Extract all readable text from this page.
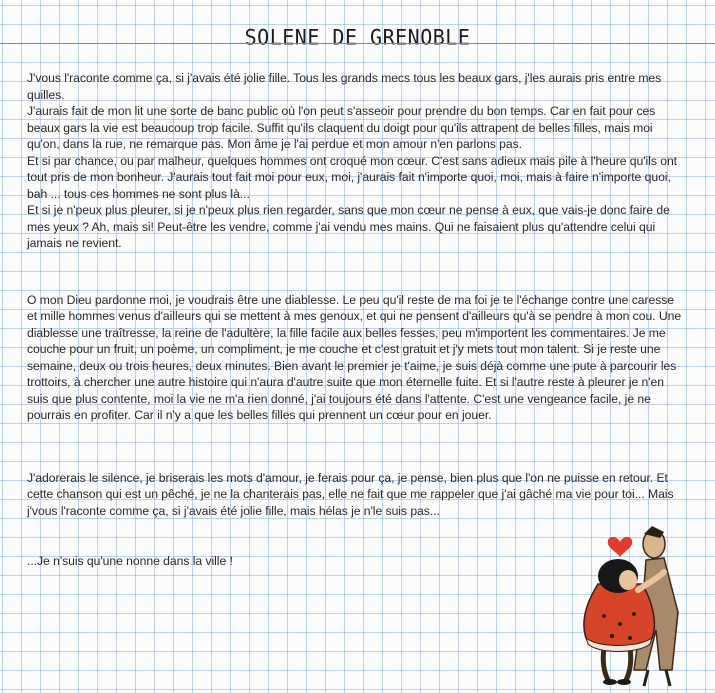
SOLENE DE GRENOBLE

J'vous l'raconte comme ça, si j'avais été jolie fille. Tous les grands mecs tous les beaux gars, j'les aurais pris entre mes quilles.

J'aurais fait de mon lit une sorte de banc public où l'on peut s'asseoir pour prendre du bon temps. Car en fait pour ces beaux gars la vie est beaucoup trop facile. Suffit qu'ils claquent du doigt pour qu'ils attrapent de belles filles, mais moi qu'on, dans la rue, ne remarque pas. Mon âme je l'ai perdue et mon amour n'en parlons pas.

Et si par chance, ou par malheur, quelques hommes ont croqué mon cœur. C'est sans adieux mais pile à l'heure qu'ils ont tout pris de mon bonheur. J'aurais tout fait moi pour eux, moi, j'aurais fait n'importe quoi, moi, mais à faire n'importe quoi, bah ... tous ces hommes ne sont plus là...

Et si je n'peux plus pleurer, si je n'peux plus rien regarder, sans que mon cœur ne pense à eux, que vais-je donc faire de mes yeux ? Ah, mais si! Peut-être les vendre, comme j'ai vendu mes mains. Qui ne faisaient plus qu'attendre celui qui jamais ne revient.

O mon Dieu pardonne moi, je voudrais être une diablesse. Le peu qu'il reste de ma foi je te l'échange contre une caresse et mille hommes venus d'ailleurs qui se mettent à mes genoux, et qui ne pensent d'ailleurs qu'à se pendre à mon cou. Une diablesse une traîtresse, la reine de l'adultère, la fille facile aux belles fesses, peu m'importent les commentaires. Je me couche pour un fruit, un poème, un compliment, je me couche et c'est gratuit et j'y mets tout mon talent. Si je reste une semaine, deux ou trois heures, deux minutes. Bien avant le premier je t'aime, je suis déjà comme une pute à parcourir les trottoirs, à chercher une autre histoire qui n'aura d'autre suite que mon éternelle fuite. Et si l'autre reste à pleurer je n'en suis que plus contente, moi la vie ne m'a rien donné, j'ai toujours été dans l'attente. C'est une vengeance facile, je ne pourrais en profiter. Car il n'y a que les belles filles qui prennent un cœur pour en jouer.

J'adorerais le silence, je briserais les mots d'amour, je ferais pour ça, je pense, bien plus que l'on ne puisse en retour. Et cette chanson qui est un pêché, je ne la chanterais pas, elle ne fait que me rappeler que j'ai gâché ma vie pour toi... Mais j'vous l'raconte comme ça, si j'avais été jolie fille, mais hélas je n'le suis pas...

...Je n'suis qu'une nonne dans la ville !
